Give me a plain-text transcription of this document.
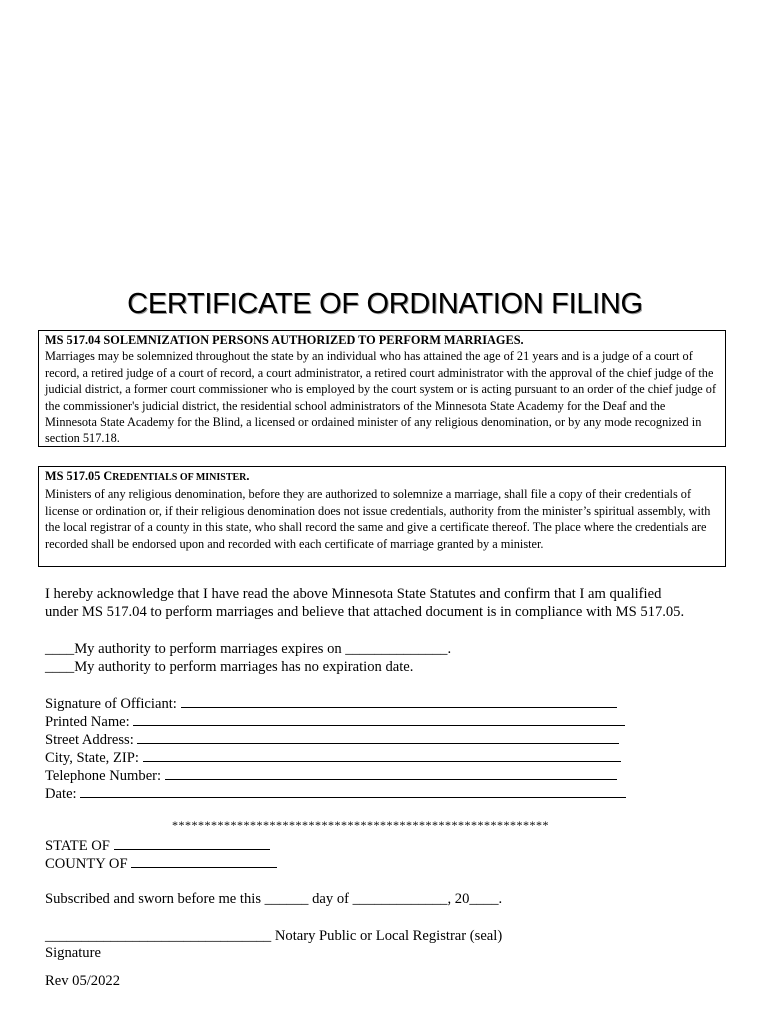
CERTIFICATE OF ORDINATION FILING
MS 517.04 SOLEMNIZATION PERSONS AUTHORIZED TO PERFORM MARRIAGES.

Marriages may be solemnized throughout the state by an individual who has attained the age of 21 years and is a judge of a court of record, a retired judge of a court of record, a court administrator, a retired court administrator with the approval of the chief judge of the judicial district, a former court commissioner who is employed by the court system or is acting pursuant to an order of the chief judge of the commissioner's judicial district, the residential school administrators of the Minnesota State Academy for the Deaf and the Minnesota State Academy for the Blind, a licensed or ordained minister of any religious denomination, or by any mode recognized in section 517.18.

MS 517.05 CREDENTIALS OF MINISTER.

Ministers of any religious denomination, before they are authorized to solemnize a marriage, shall file a copy of their credentials of license or ordination or, if their religious denomination does not issue credentials, authority from the minister’s spiritual assembly, with the local registrar of a county in this state, who shall record the same and give a certificate thereof. The place where the credentials are recorded shall be endorsed upon and recorded with each certificate of marriage granted by a minister.

I hereby acknowledge that I have read the above Minnesota State Statutes and confirm that I am qualified
under MS 517.04 to perform marriages and believe that attached document is in compliance with MS 517.05.
____My authority to perform marriages expires on ______________.
____My authority to perform marriages has no expiration date.
Signature of Officiant:
Printed Name:
Street Address:
City, State, ZIP:
Telephone Number:
Date:
**********************************************************
STATE OF
COUNTY OF
Subscribed and sworn before me this ______ day of _____________, 20____.
_______________________________ Notary Public or Local Registrar (seal)
Signature
Rev 05/2022
